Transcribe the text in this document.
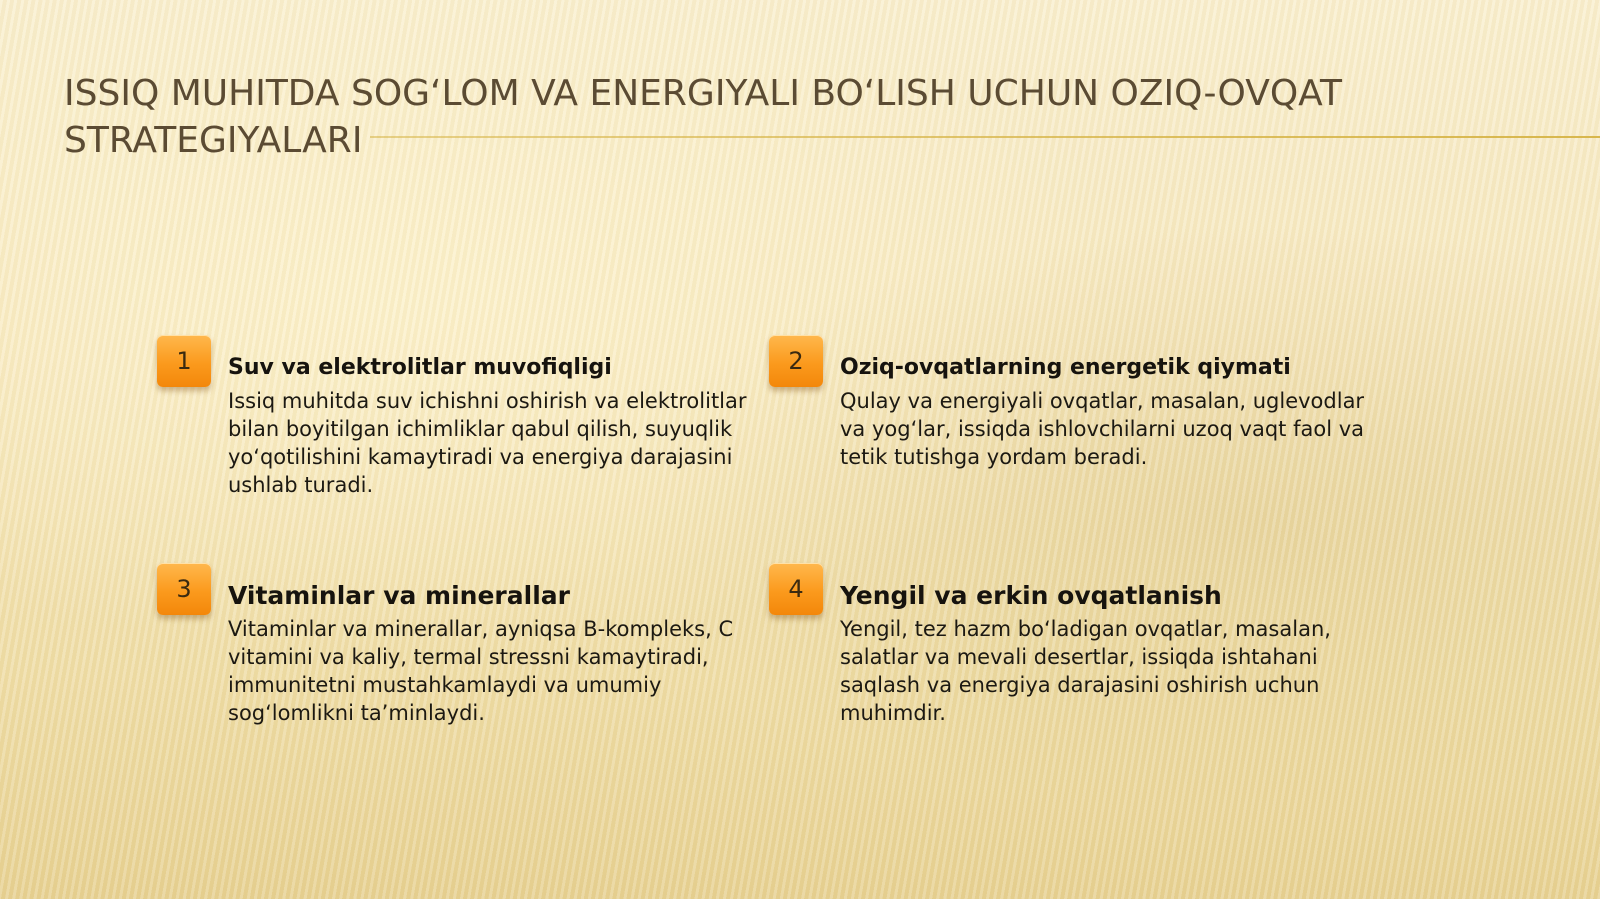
ISSIQ MUHITDA SOG‘LOM VA ENERGIYALI BO‘LISH UCHUN OZIQ-OVQAT STRATEGIYALARI
1	Suv va elektrolitlar muvofiqligi

Issiq muhitda suv ichishni oshirish va elektrolitlar bilan boyitilgan ichimliklar qabul qilish, suyuqlik yo‘qotilishini kamaytiradi va energiya darajasini ushlab turadi.

2	Oziq-ovqatlarning energetik qiymati

Qulay va energiyali ovqatlar, masalan, uglevodlar va yog‘lar, issiqda ishlovchilarni uzoq vaqt faol va tetik tutishga yordam beradi.

3	Vitaminlar va minerallar

Vitaminlar va minerallar, ayniqsa B-kompleks, C vitamini va kaliy, termal stressni kamaytiradi, immunitetni mustahkamlaydi va umumiy sog‘lomlikni ta’minlaydi.

4	Yengil va erkin ovqatlanish

Yengil, tez hazm bo‘ladigan ovqatlar, masalan, salatlar va mevali desertlar, issiqda ishtahani saqlash va energiya darajasini oshirish uchun muhimdir.
